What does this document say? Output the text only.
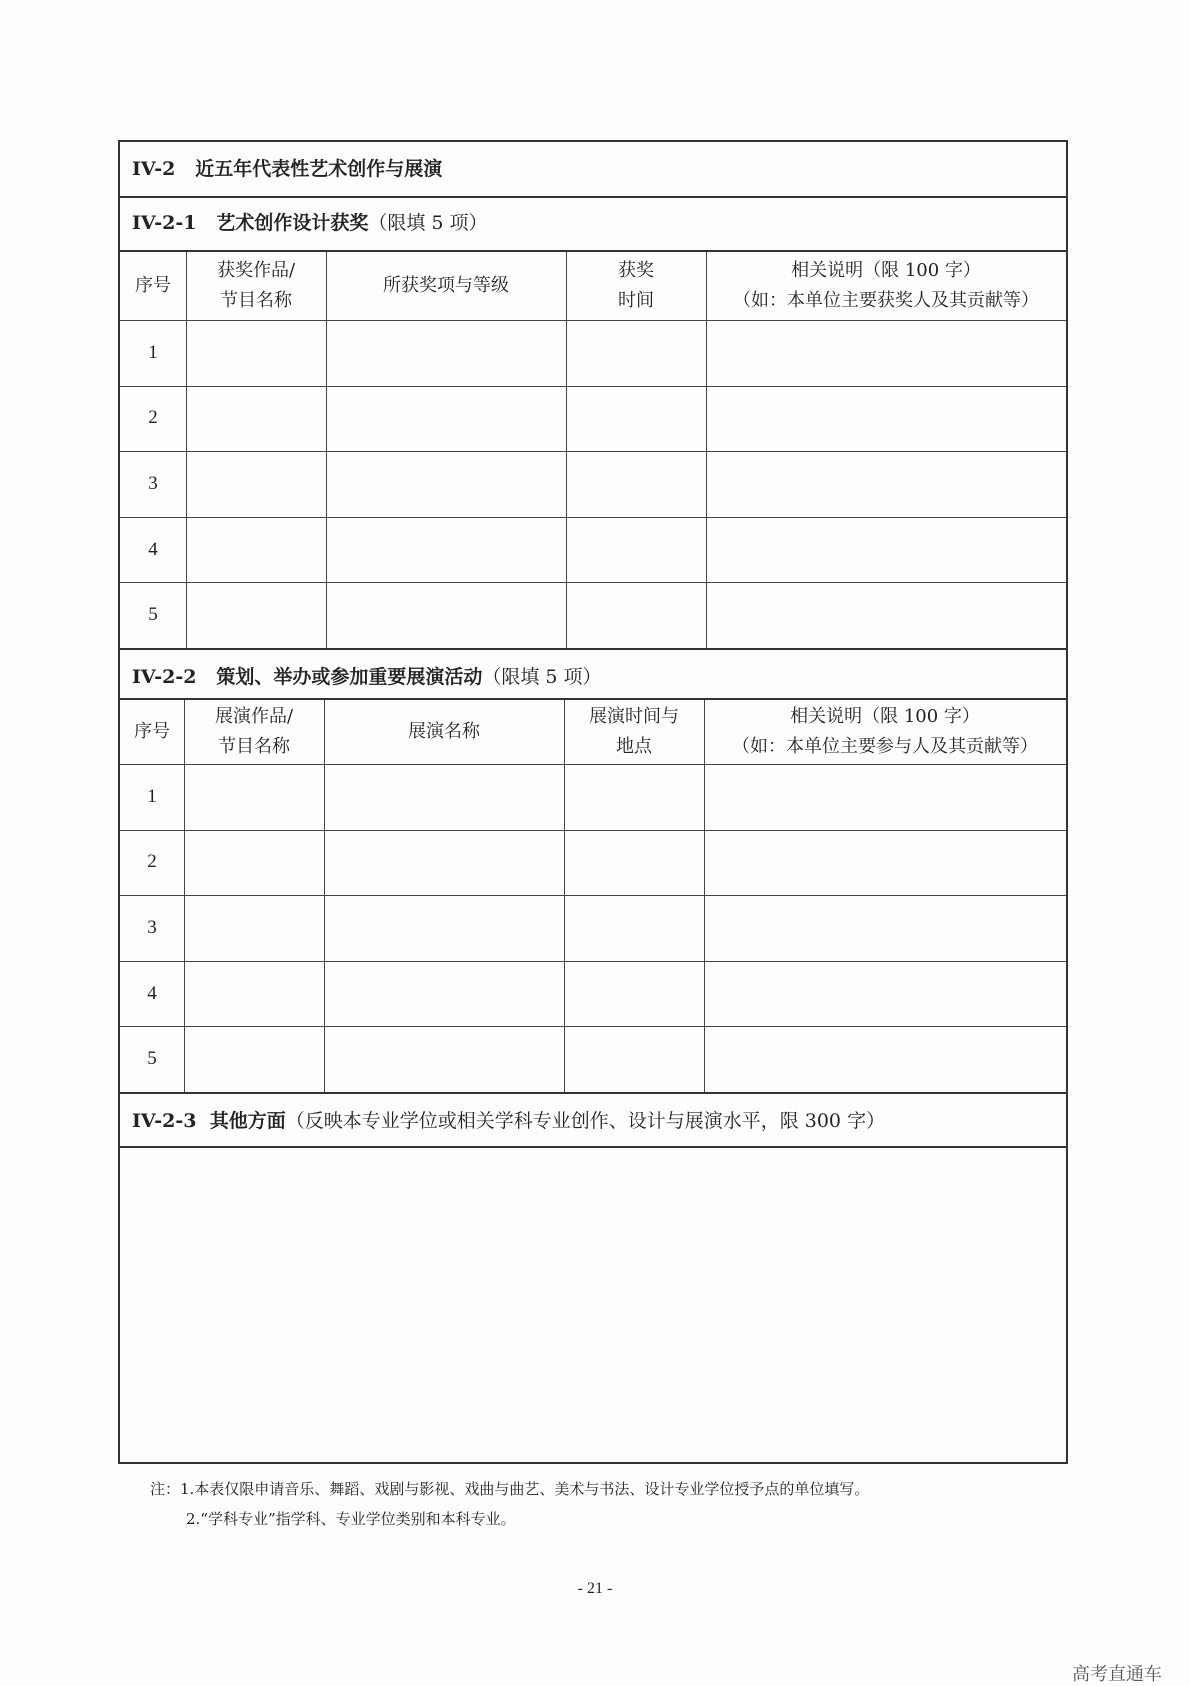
IV-2 近五年代表性艺术创作与展演
IV-2-1 艺术创作设计获奖（限填 5 项）
序号
获奖作品/
节目名称
所获奖项与等级
获奖
时间
相关说明（限 100 字）
（如：本单位主要获奖人及其贡献等）
1
2
3
4
5
IV-2-2 策划、举办或参加重要展演活动（限填 5 项）
序号
展演作品/
节目名称
展演名称
展演时间与
地点
相关说明（限 100 字）
（如：本单位主要参与人及其贡献等）
1
2
3
4
5
IV-2-3 其他方面（反映本专业学位或相关学科专业创作、设计与展演水平，限 300 字）
注：1.本表仅限申请音乐、舞蹈、戏剧与影视、戏曲与曲艺、美术与书法、设计专业学位授予点的单位填写。
2.“学科专业”指学科、专业学位类别和本科专业。
- 21 -
高考直通车
